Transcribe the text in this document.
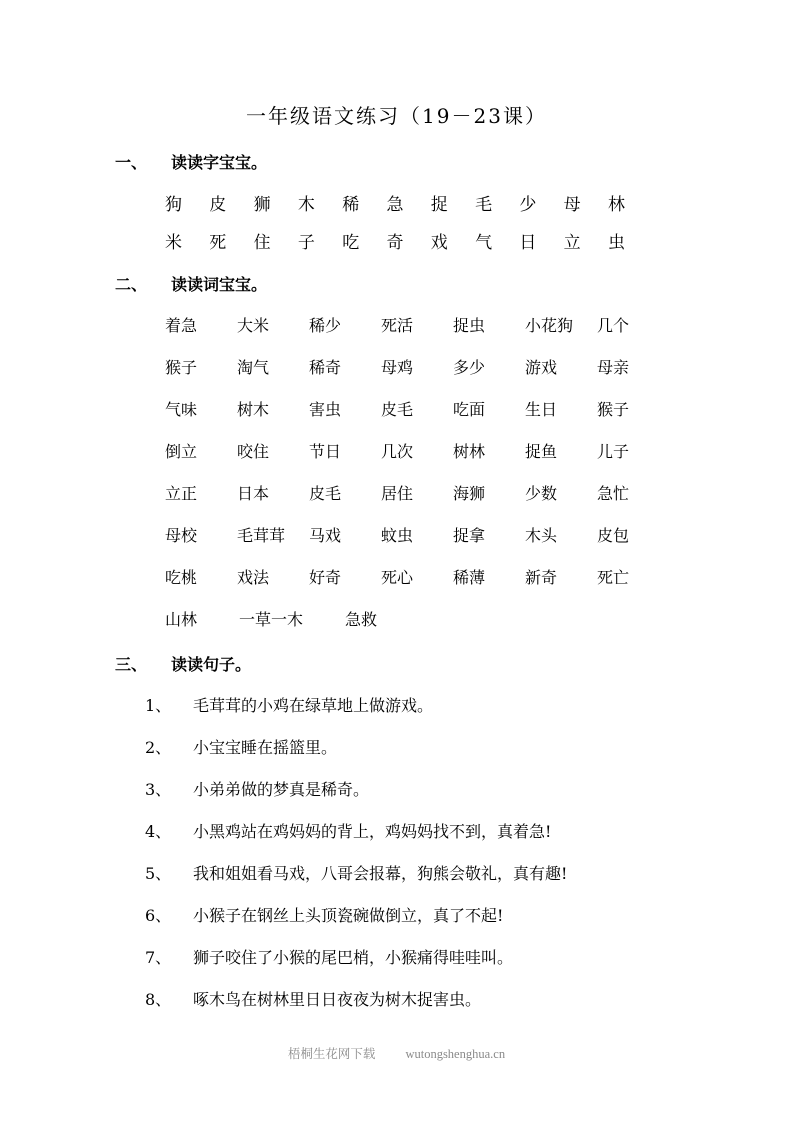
一年级语文练习（19－23课）
一、 读读字宝宝。
狗 皮 狮 木 稀 急 捉 毛 少 母 林
米 死 住 子 吃 奇 戏 气 日 立 虫
二、 读读词宝宝。
着急 大米 稀少 死活 捉虫 小花狗 几个
猴子 淘气 稀奇 母鸡 多少 游戏 母亲
气味 树木 害虫 皮毛 吃面 生日 猴子
倒立 咬住 节日 几次 树林 捉鱼 儿子
立正 日本 皮毛 居住 海狮 少数 急忙
母校 毛茸茸 马戏 蚊虫 捉拿 木头 皮包
吃桃 戏法 好奇 死心 稀薄 新奇 死亡
山林	一草一木	急救
三、 读读句子。
1、 毛茸茸的小鸡在绿草地上做游戏。
2、 小宝宝睡在摇篮里。
3、 小弟弟做的梦真是稀奇。
4、 小黑鸡站在鸡妈妈的背上，鸡妈妈找不到，真着急!
5、 我和姐姐看马戏，八哥会报幕，狗熊会敬礼，真有趣!
6、 小猴子在钢丝上头顶瓷碗做倒立，真了不起!
7、 狮子咬住了小猴的尾巴梢，小猴痛得哇哇叫。
8、 啄木鸟在树林里日日夜夜为树木捉害虫。
梧桐生花网下载 wutongshenghua.cn
